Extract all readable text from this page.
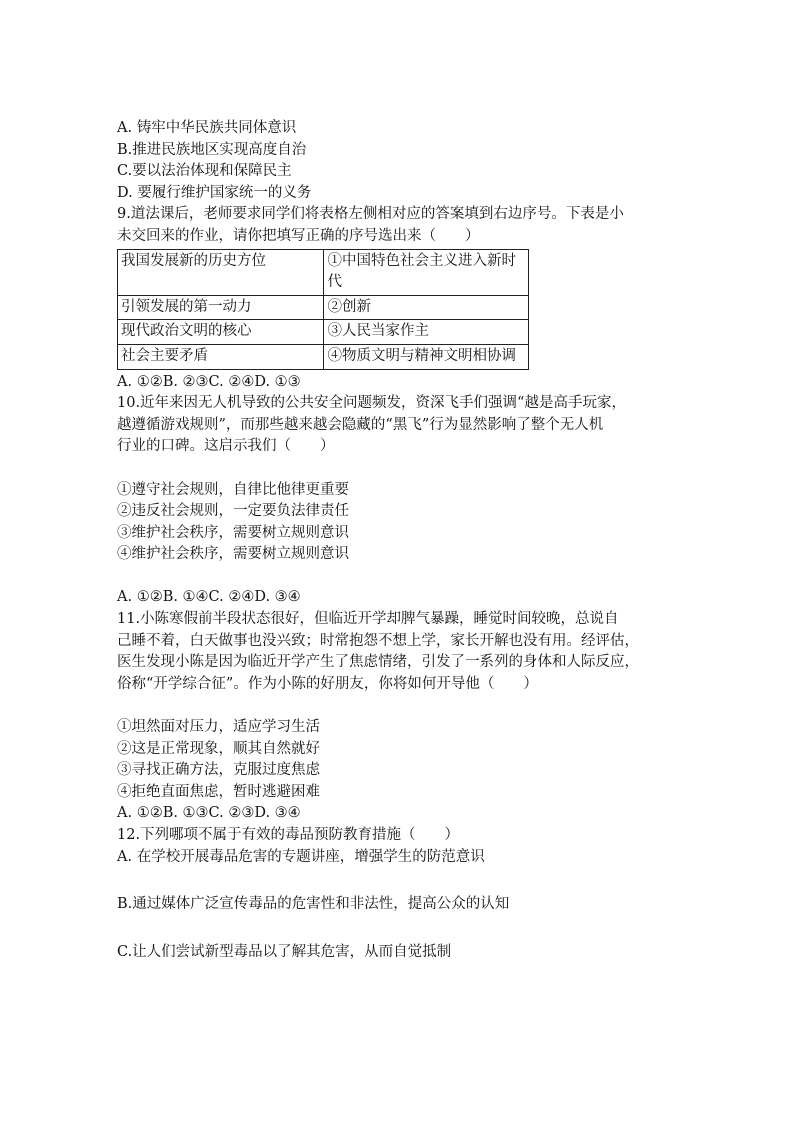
A. 铸牢中华民族共同体意识
B.推进民族地区实现高度自治
C.要以法治体现和保障民主
D. 要履行维护国家统一的义务
9.道法课后，老师要求同学们将表格左侧相对应的答案填到右边序号。下表是小
未交回来的作业，请你把填写正确的序号选出来（　　）
我国发展新的历史方位	①中国特色社会主义进入新时代
引领发展的第一动力	②创新
现代政治文明的核心	③人民当家作主
社会主要矛盾	④物质文明与精神文明相协调
A. ①②B. ②③C. ②④D. ①③
10.近年来因无人机导致的公共安全问题频发，资深飞手们强调“越是高手玩家，
越遵循游戏规则”，而那些越来越会隐藏的“黑飞”行为显然影响了整个无人机
行业的口碑。这启示我们（　　）
①遵守社会规则，自律比他律更重要
②违反社会规则，一定要负法律责任
③维护社会秩序，需要树立规则意识
④维护社会秩序，需要树立规则意识
A. ①②B. ①④C. ②④D. ③④
11.小陈寒假前半段状态很好，但临近开学却脾气暴躁，睡觉时间较晚，总说自
己睡不着，白天做事也没兴致；时常抱怨不想上学，家长开解也没有用。经评估，
医生发现小陈是因为临近开学产生了焦虑情绪，引发了一系列的身体和人际反应，
俗称“开学综合征”。作为小陈的好朋友，你将如何开导他（　　）
①坦然面对压力，适应学习生活
②这是正常现象，顺其自然就好
③寻找正确方法，克服过度焦虑
④拒绝直面焦虑，暂时逃避困难
A. ①②B. ①③C. ②③D. ③④
12.下列哪项不属于有效的毒品预防教育措施（　　）
A. 在学校开展毒品危害的专题讲座，增强学生的防范意识
B.通过媒体广泛宣传毒品的危害性和非法性，提高公众的认知
C.让人们尝试新型毒品以了解其危害，从而自觉抵制
